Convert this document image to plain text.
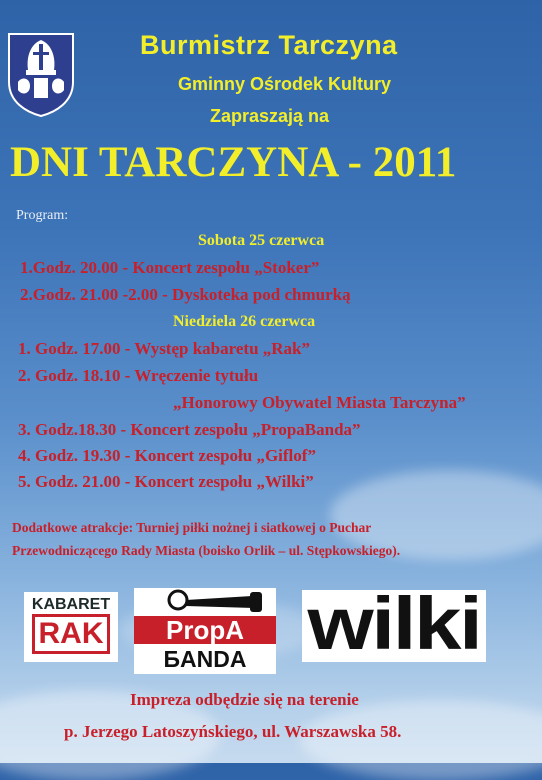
Burmistrz Tarczyna
Gminny Ośrodek Kultury
Zapraszają na
DNI TARCZYNA - 2011
Program:
Sobota 25 czerwca
1.Godz. 20.00 - Koncert zespołu „Stoker”
2.Godz. 21.00 -2.00 - Dyskoteka pod chmurką
Niedziela 26 czerwca
1. Godz. 17.00 - Występ kabaretu „Rak”
2. Godz. 18.10 - Wręczenie tytułu
„Honorowy Obywatel Miasta Tarczyna”
3. Godz.18.30 - Koncert zespołu „PropaBanda”
4. Godz. 19.30 - Koncert zespołu „Giflof”
5. Godz. 21.00 - Koncert zespołu „Wilki”
Dodatkowe atrakcje: Turniej piłki nożnej i siatkowej o Puchar
Przewodniczącego Rady Miasta (boisko Orlik – ul. Stępkowskiego).
KABARET
RAK	PropA
БANDA wilki
Impreza odbędzie się na terenie
p. Jerzego Latoszyńskiego, ul. Warszawska 58.
